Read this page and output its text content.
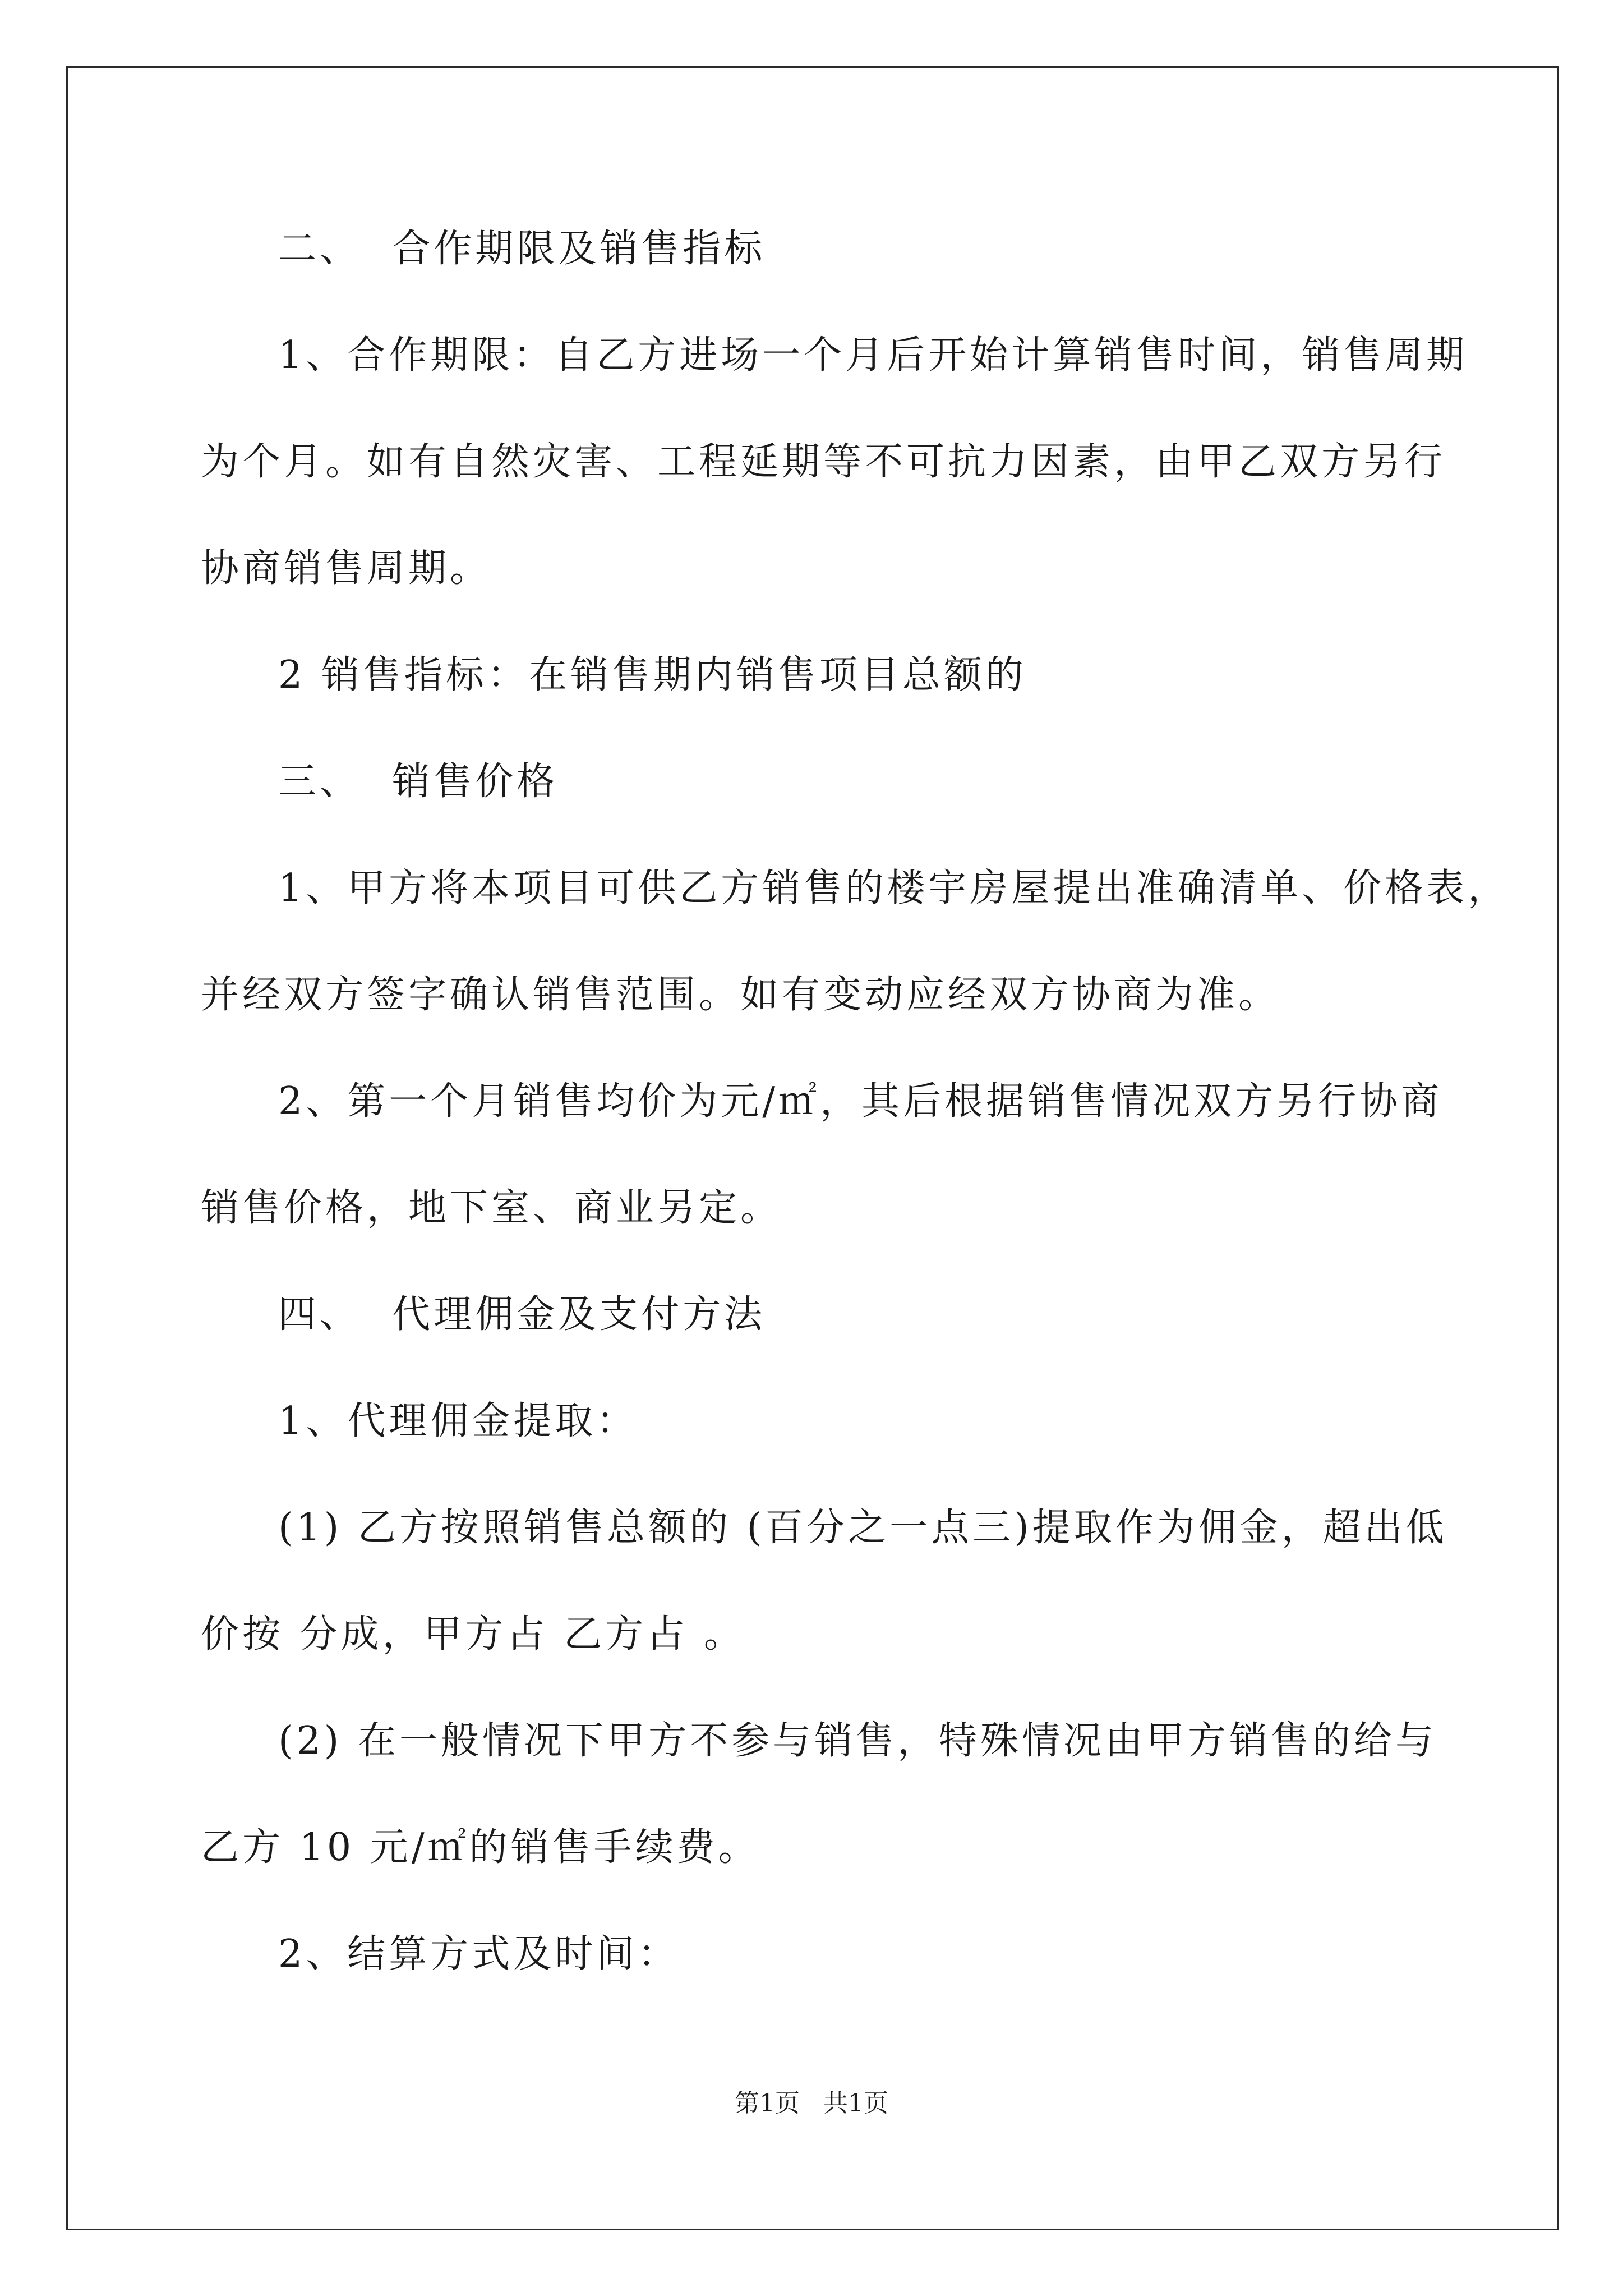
二、  合作期限及销售指标
1、合作期限：自乙方进场一个月后开始计算销售时间，销售周期
为个月。如有自然灾害、工程延期等不可抗力因素，由甲乙双方另行
协商销售周期。
2 销售指标：在销售期内销售项目总额的
三、  销售价格
1、甲方将本项目可供乙方销售的楼宇房屋提出准确清单、价格表，
并经双方签字确认销售范围。如有变动应经双方协商为准。
2、第一个月销售均价为元/㎡，其后根据销售情况双方另行协商
销售价格，地下室、商业另定。
四、  代理佣金及支付方法
1、代理佣金提取：
(1) 乙方按照销售总额的 (百分之一点三)提取作为佣金，超出低
价按 分成，甲方占 乙方占 。
(2) 在一般情况下甲方不参与销售，特殊情况由甲方销售的给与
乙方 10 元/㎡的销售手续费。
2、结算方式及时间：
第1页   共1页
